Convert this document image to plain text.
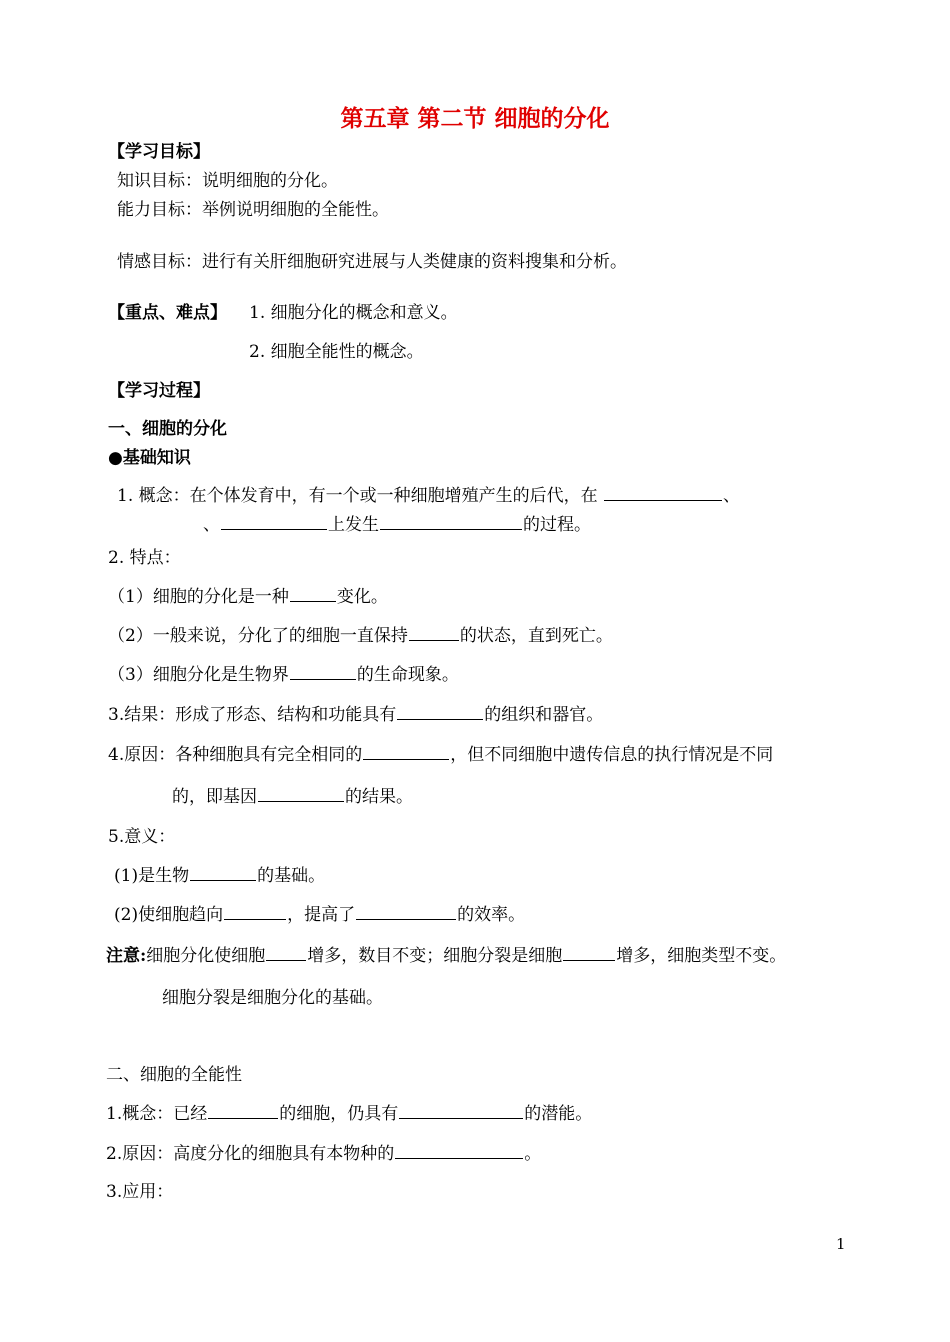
第五章 第二节 细胞的分化
【学习目标】
知识目标：说明细胞的分化。
能力目标：举例说明细胞的全能性。
情感目标：进行有关肝细胞研究进展与人类健康的资料搜集和分析。
【重点、难点】 1. 细胞分化的概念和意义。
2. 细胞全能性的概念。
【学习过程】
一、细胞的分化
●基础知识
1. 概念：在个体发育中，有一个或一种细胞增殖产生的后代，在	、
、	上发生	的过程。
2. 特点：
（1）细胞的分化是一种	变化。
（2）一般来说，分化了的细胞一直保持	的状态，直到死亡。
（3）细胞分化是生物界	的生命现象。
3.结果：形成了形态、结构和功能具有	的组织和器官。
4.原因：各种细胞具有完全相同的	，但不同细胞中遗传信息的执行情况是不同
的，即基因	的结果。
5.意义：
(1)是生物	的基础。
(2)使细胞趋向	，提高了	的效率。
注意:细胞分化使细胞 增多，数目不变；细胞分裂是细胞	增多，细胞类型不变。
细胞分裂是细胞分化的基础。
二、细胞的全能性
1.概念：已经	的细胞，仍具有	的潜能。
2.原因：高度分化的细胞具有本物种的	。
3.应用：
1
